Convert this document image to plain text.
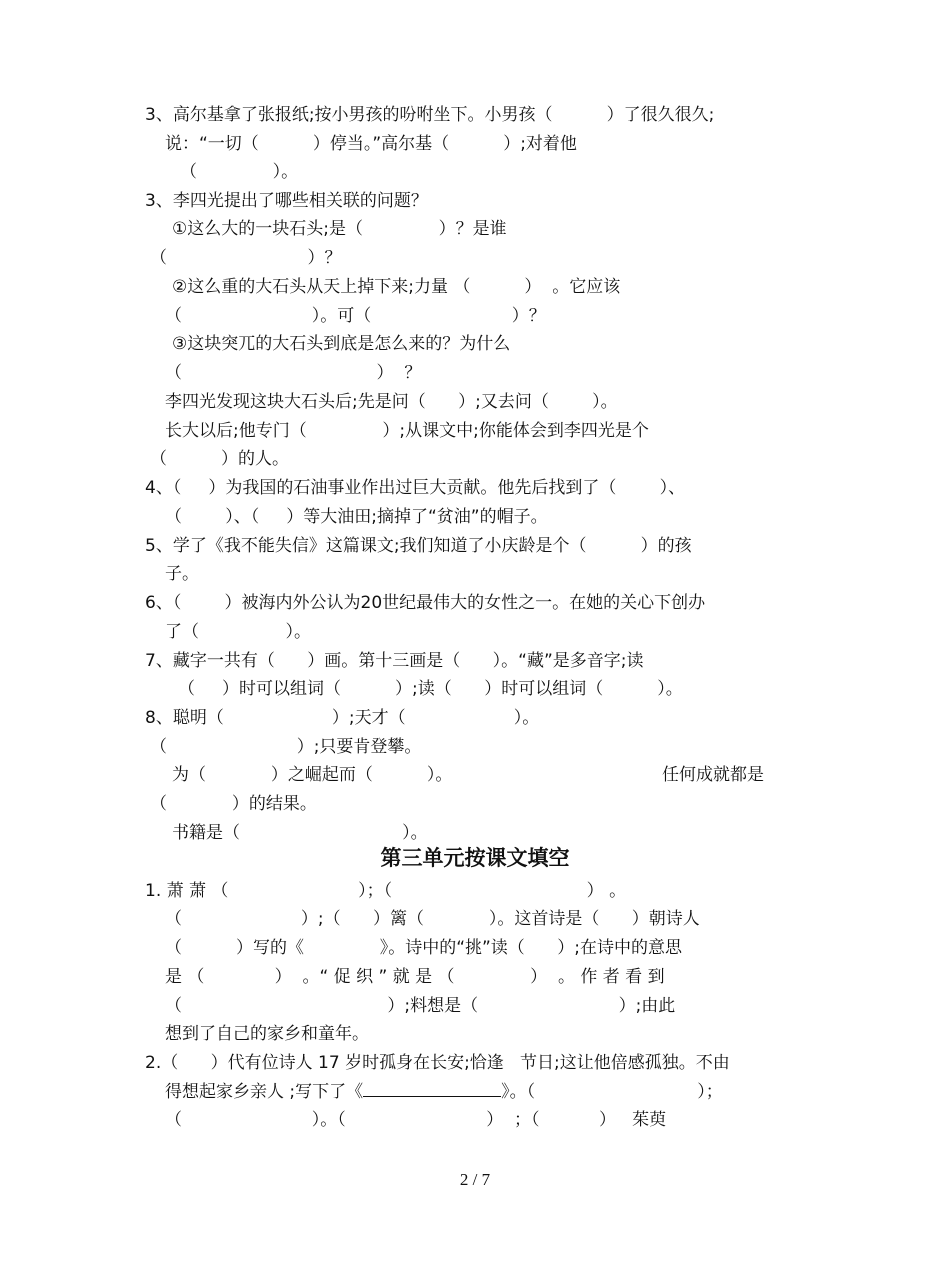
3、高尔基拿了张报纸;按小男孩的吩咐坐下。小男孩（          ）了很久很久;
说：“一切（          ）停当。”高尔基（          ）;对着他
（              ）。
3、李四光提出了哪些相关联的问题？
①这么大的一块石头;是（              ）？是谁
（                          ）？
②这么重的大石头从天上掉下来;力量 （          ）  。它应该
（                        ）。可（                          ）？
③这块突兀的大石头到底是怎么来的？为什么
（                                    ）  ？
李四光发现这块大石头后;先是问（      ）;又去问（        ）。
长大以后;他专门（              ）;从课文中;你能体会到李四光是个
（          ）的人。
4、（     ）为我国的石油事业作出过巨大贡献。他先后找到了（        ）、
（        ）、（     ）等大油田;摘掉了“贫油”的帽子。
5、学了《我不能失信》这篇课文;我们知道了小庆龄是个（          ）的孩
子。
6、（        ）被海内外公认为20世纪最伟大的女性之一。在她的关心下创办
了（                ）。
7、藏字一共有（      ）画。第十三画是（      ）。“藏”是多音字;读
（     ）时可以组词（          ）;读（      ）时可以组词（          ）。
8、聪明（                    ）;天才（                    ）。
（                        ）;只要肯登攀。
为（            ）之崛起而（          ）。	任何成就都是
（            ）的结果。
书籍是（                              ）。
第三单元按课文填空
1. 萧 萧 （                        ）；（                                    ） 。
（                      ）;（      ）篱（            ）。这首诗是（      ）朝诗人
（          ）写的《              》。诗中的“挑”读（      ）;在诗中的意思
是 （             ）  。“ 促 织 ” 就 是 （              ）  。 作 者 看 到
（                                      ）;料想是（                          ）;由此
想到了自己的家乡和童年。
2.（      ）代有位诗人 17 岁时孤身在长安;恰逢   节日;这让他倍感孤独。不由
得想起家乡亲人 ;写下了《	》。（                              ）；
（                        ）。（                          ）  ；（           ）   茱萸
2 / 7
